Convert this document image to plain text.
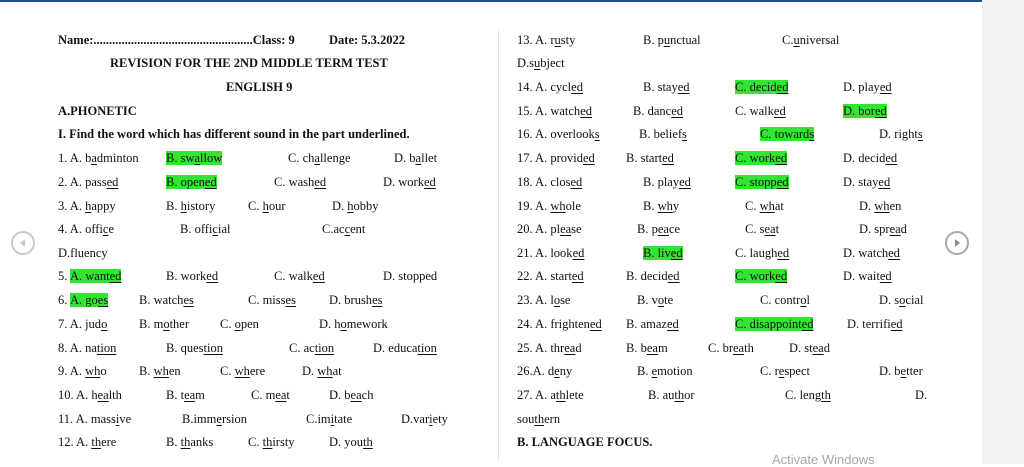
Name:...................................................Class: 9	Date: 5.3.2022
REVISION FOR THE 2ND MIDDLE TERM TEST
ENGLISH 9
A.PHONETIC
I. Find the word which has different sound in the part underlined.
1. A. badminton B. swallow	C. challenge	D. ballet
2. A. passed	B. opened	C. washed	D. worked
3. A. happy	B. history	C. hour	D. hobby
4. A. office	B. official	C.accent
D.fluency
5. A. wanted	B. worked	C. walked	D. stopped
6. A. goes B. watches	C. misses	D. brushes
7. A. judo	B. mother C. open	D. homework
8. A. nation	B. question	C. action	D. education
9. A. who	B. when	C. where	D. what
10. A. health	B. team	C. meat	D. beach
11. A. massive	B.immersion	C.imitate	D.variety
12. A. there	B. thanks	C. thirsty	D. youth
13. A. rusty	B. punctual	C.universal
D.subject
14. A. cycled	B. stayed	C. decided	D. played
15. A. watched	B. danced	C. walked	D. bored
16. A. overlooks	B. beliefs	C. towards	D. rights
17. A. provided B. started	C. worked	D. decided
18. A. closed	B. played	C. stopped	D. stayed
19. A. whole	B. why	C. what	D. when
20. A. please	B. peace	C. seat	D. spread
21. A. looked	B. lived	C. laughed	D. watched
22. A. started	B. decided	C. worked	D. waited
23. A. lose	B. vote	C. control	D. social
24. A. frightened B. amazed	C. disappointed	D. terrified
25. A. thread	B. beam	C. breath	D. stead
26.A. deny	B. emotion	C. respect	D. better
27. A. athlete	B. author	C. length	D.
southern
B. LANGUAGE FOCUS.
Activate Windows
